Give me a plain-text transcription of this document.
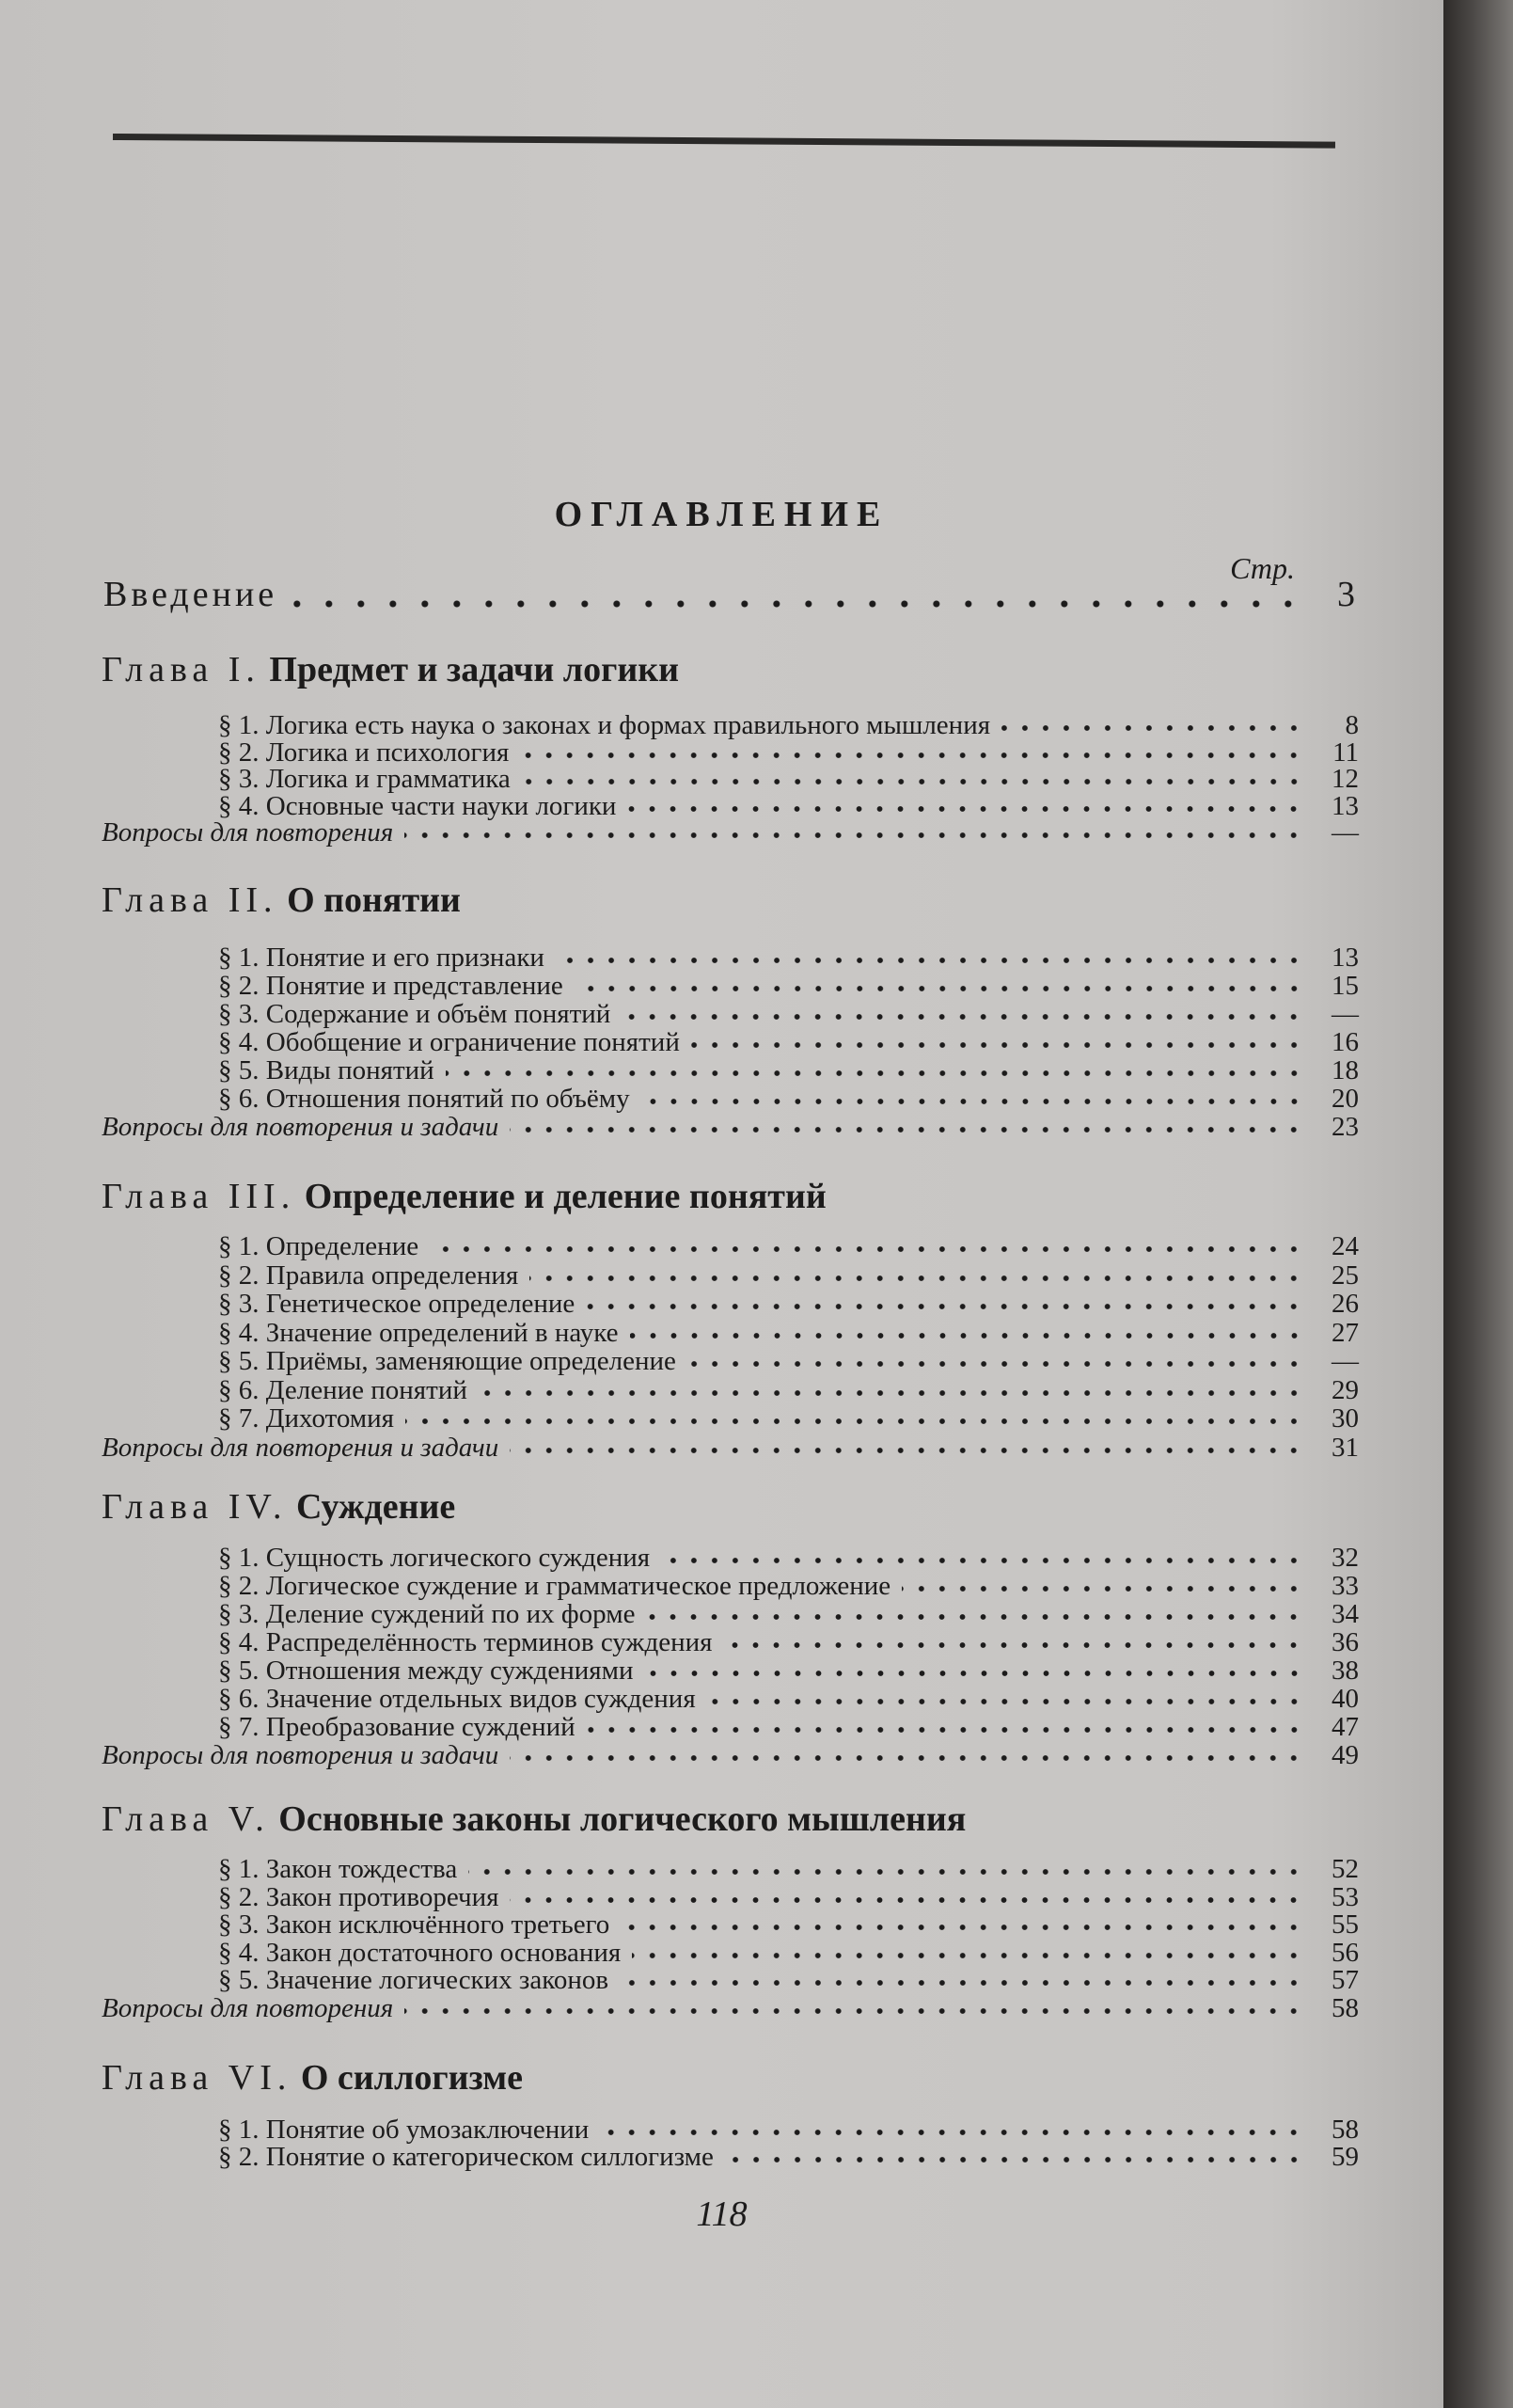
ОГЛАВЛЕНИЕ
Стр.
Введение	3
Глава I.
Предмет и задачи логики
§ 1. Логика есть наука о законах и формах правильного мышления	8
§ 2. Логика и психология	11
§ 3. Логика и грамматика	12
§ 4. Основные части науки логики	13
Вопросы для повторения	—
Глава II.
О понятии
§ 1. Понятие и его признаки	13
§ 2. Понятие и представление	15
§ 3. Содержание и объём понятий	—
§ 4. Обобщение и ограничение понятий	16
§ 5. Виды понятий	18
§ 6. Отношения понятий по объёму	20
Вопросы для повторения и задачи	23
Глава III.
Определение и деление понятий
§ 1. Определение	24
§ 2. Правила определения	25
§ 3. Генетическое определение	26
§ 4. Значение определений в науке	27
§ 5. Приёмы, заменяющие определение	—
§ 6. Деление понятий	29
§ 7. Дихотомия	30
Вопросы для повторения и задачи	31
Глава IV.
Суждение
§ 1. Сущность логического суждения	32
§ 2. Логическое суждение и грамматическое предложение	33
§ 3. Деление суждений по их форме	34
§ 4. Распределённость терминов суждения	36
§ 5. Отношения между суждениями	38
§ 6. Значение отдельных видов суждения	40
§ 7. Преобразование суждений	47
Вопросы для повторения и задачи	49
Глава V.
Основные законы логического мышления
§ 1. Закон тождества	52
§ 2. Закон противоречия	53
§ 3. Закон исключённого третьего	55
§ 4. Закон достаточного основания	56
§ 5. Значение логических законов	57
Вопросы для повторения	58
Глава VI.
О силлогизме
§ 1. Понятие об умозаключении	58
§ 2. Понятие о категорическом силлогизме	59
118
